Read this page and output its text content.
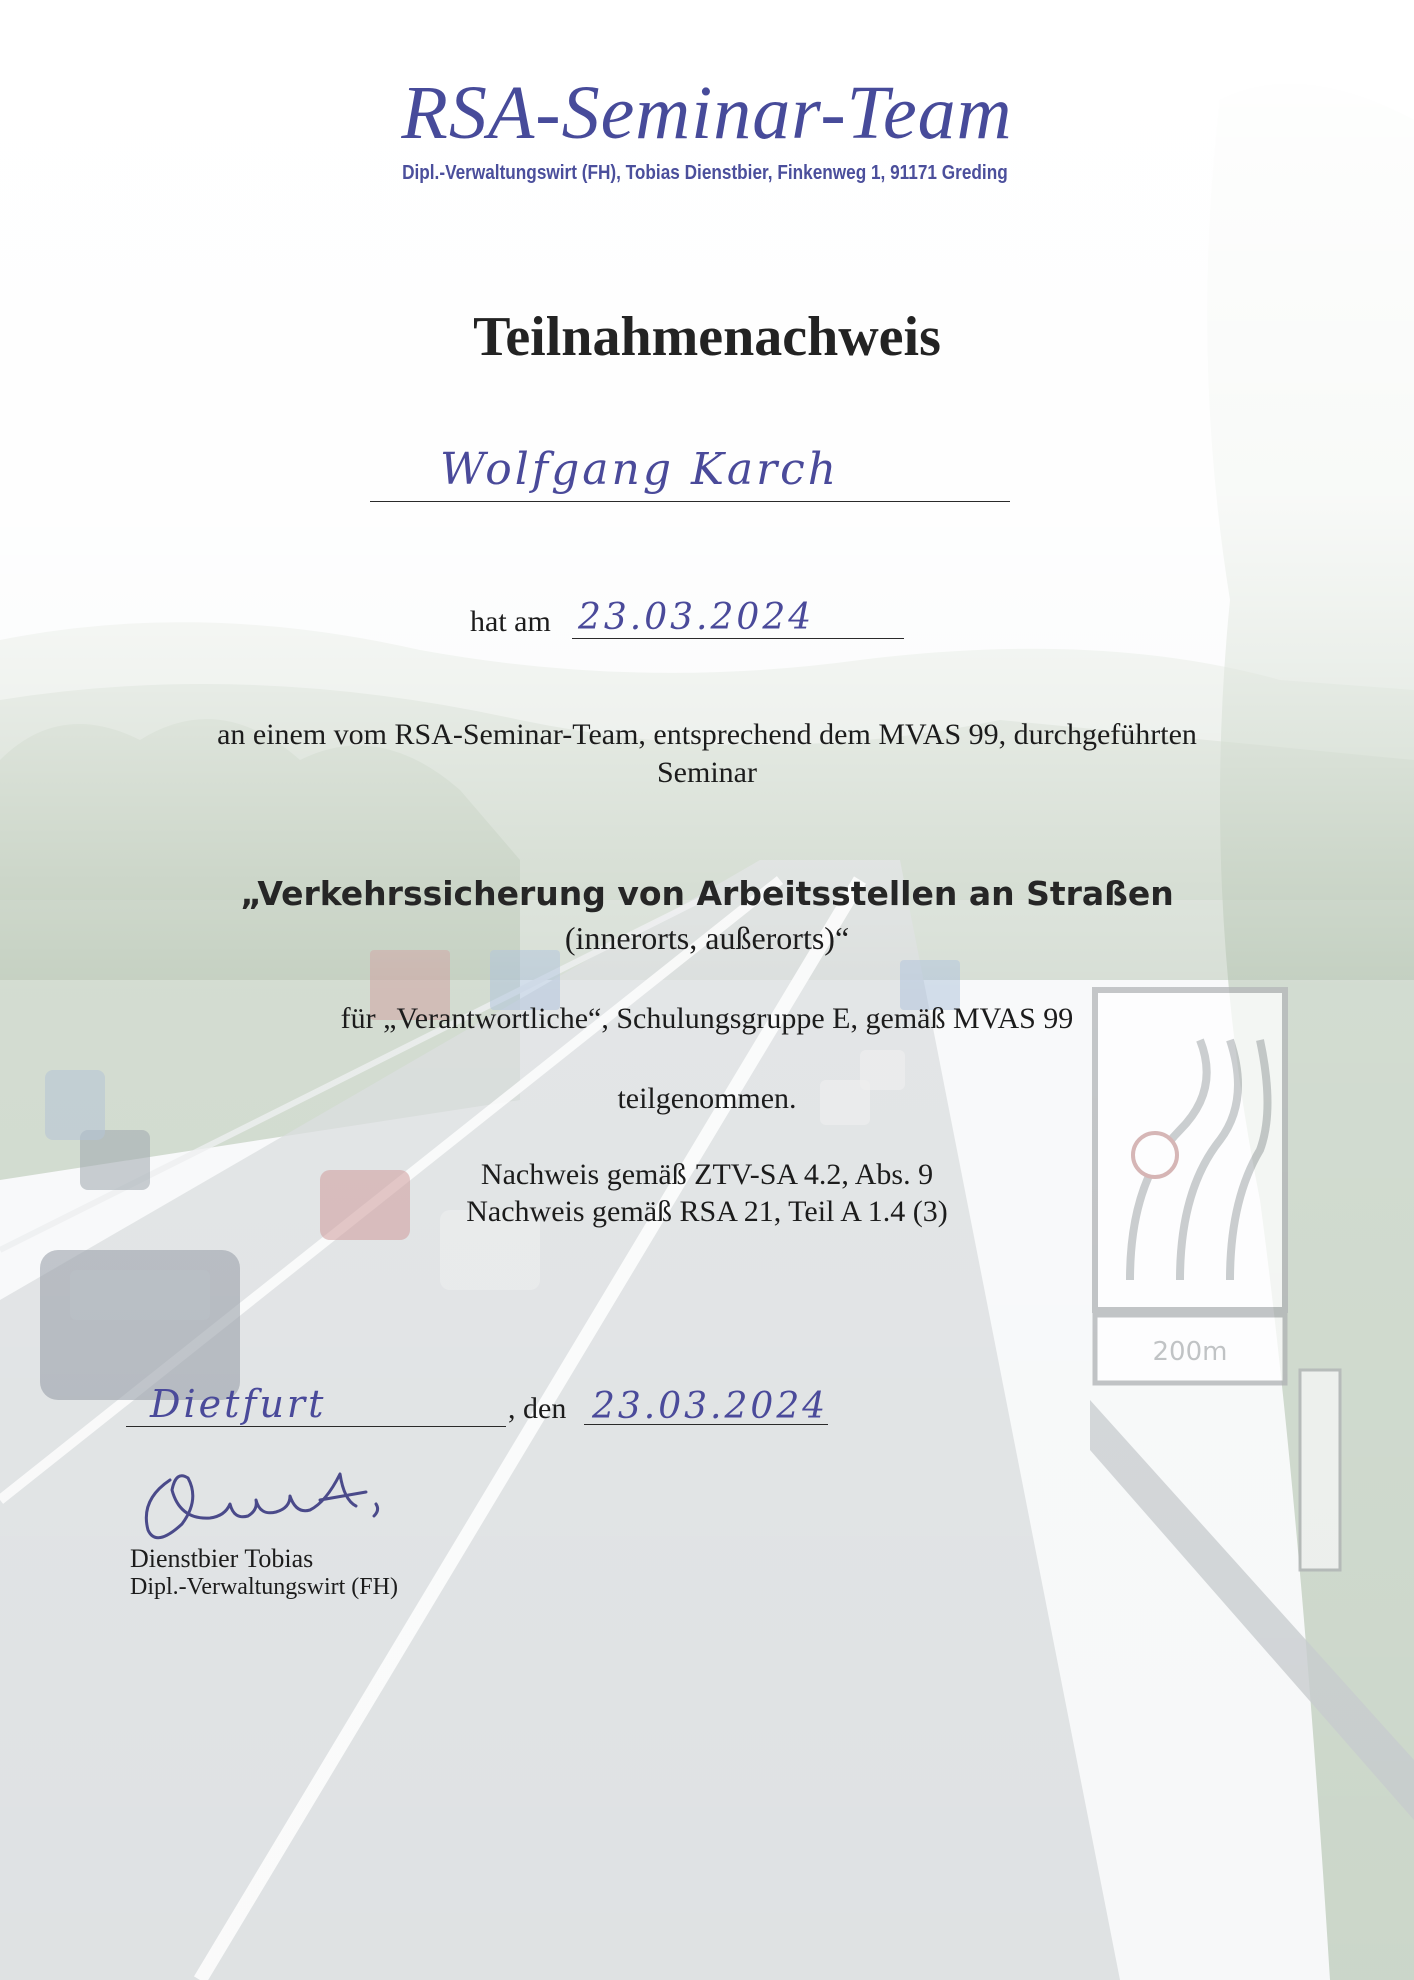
RSA-Seminar-Team
Dipl.-Verwaltungswirt (FH), Tobias Dienstbier, Finkenweg 1, 91171 Greding
Teilnahmenachweis
Wolfgang Karch
hat am 23.03.2024
an einem vom RSA-Seminar-Team, entsprechend dem MVAS 99, durchgeführten
Seminar
„Verkehrssicherung von Arbeitsstellen an Straßen
(innerorts, außerorts)“
für „Verantwortliche“, Schulungsgruppe E, gemäß MVAS 99
teilgenommen.
Nachweis gemäß ZTV-SA 4.2, Abs. 9
Nachweis gemäß RSA 21, Teil A 1.4 (3)
Dietfurt	, den 23.03.2024
Dienstbier Tobias
Dipl.-Verwaltungswirt (FH)
